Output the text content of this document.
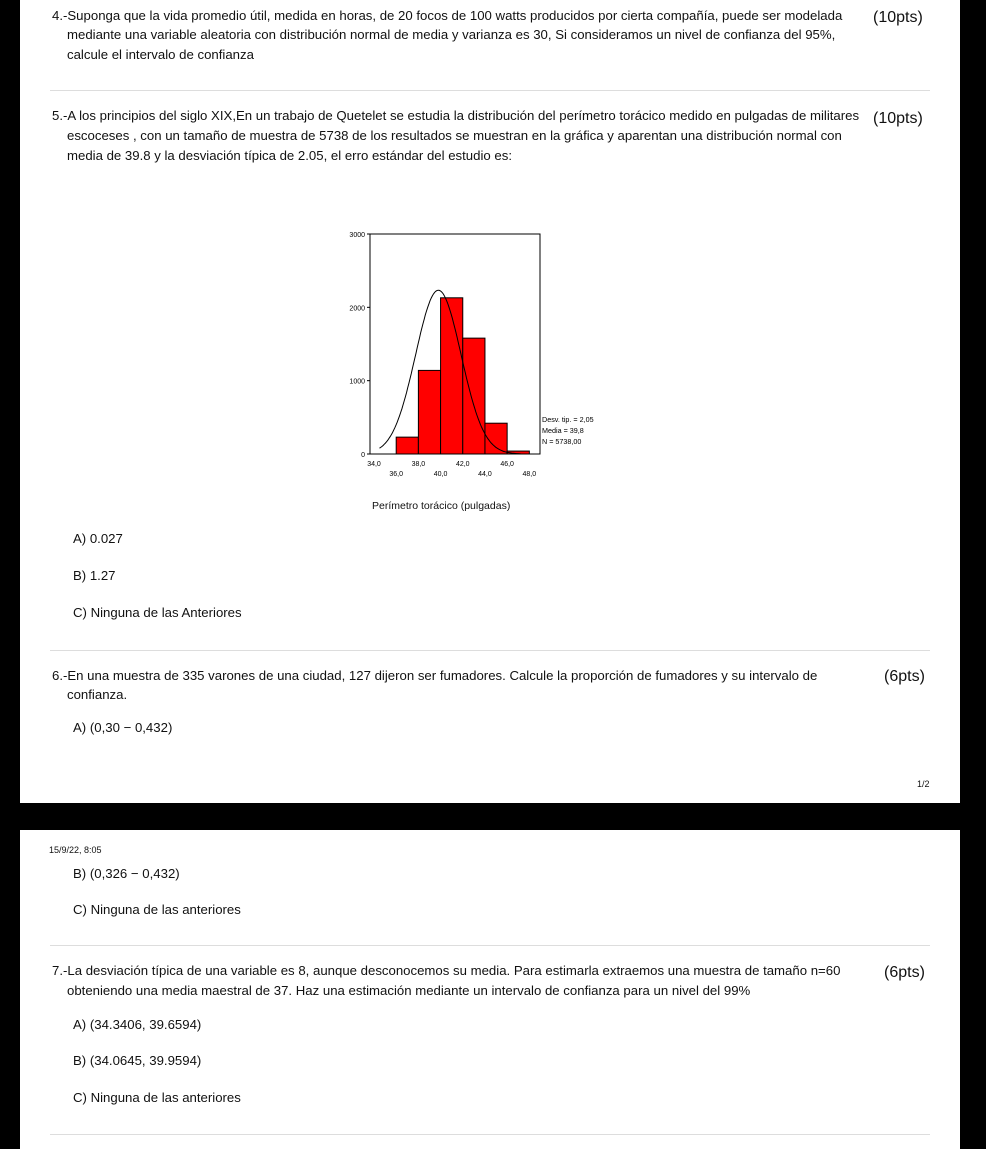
4.-Suponga que la vida promedio útil, medida en horas, de 20 focos de 100 watts producidos por cierta compañía, puede ser modelada
mediante una variable aleatoria con distribución normal de media y varianza es 30, Si consideramos un nivel de confianza del 95%,
calcule el intervalo de confianza
(10pts)
5.-A los principios del siglo XIX,En un trabajo de Quetelet se estudia la distribución del perímetro torácico medido en pulgadas de militares
escoceses , con un tamaño de muestra de 5738 de los resultados se muestran en la gráfica y aparentan una distribución normal con
media de 39.8 y la desviación típica de 2.05, el erro estándar del estudio es:
(10pts)
0
1000
2000
3000
34,0	38,0	42,0	46,0
36,0	40,0	44,0	48,0
Desv. tip. = 2,05
Media = 39,8
N = 5738,00
Perímetro torácico (pulgadas)
A) 0.027
B) 1.27
C) Ninguna de las Anteriores
6.-En una muestra de 335 varones de una ciudad, 127 dijeron ser fumadores. Calcule la proporción de fumadores y su intervalo de
confianza.
(6pts)
A) (0,30 − 0,432)
1/2
15/9/22, 8:05
B) (0,326 − 0,432)
C) Ninguna de las anteriores
7.-La desviación típica de una variable es 8, aunque desconocemos su media. Para estimarla extraemos una muestra de tamaño n=60
obteniendo una media maestral de 37. Haz una estimación mediante un intervalo de confianza para un nivel del 99%
(6pts)
A) (34.3406, 39.6594)
B) (34.0645, 39.9594)
C) Ninguna de las anteriores
